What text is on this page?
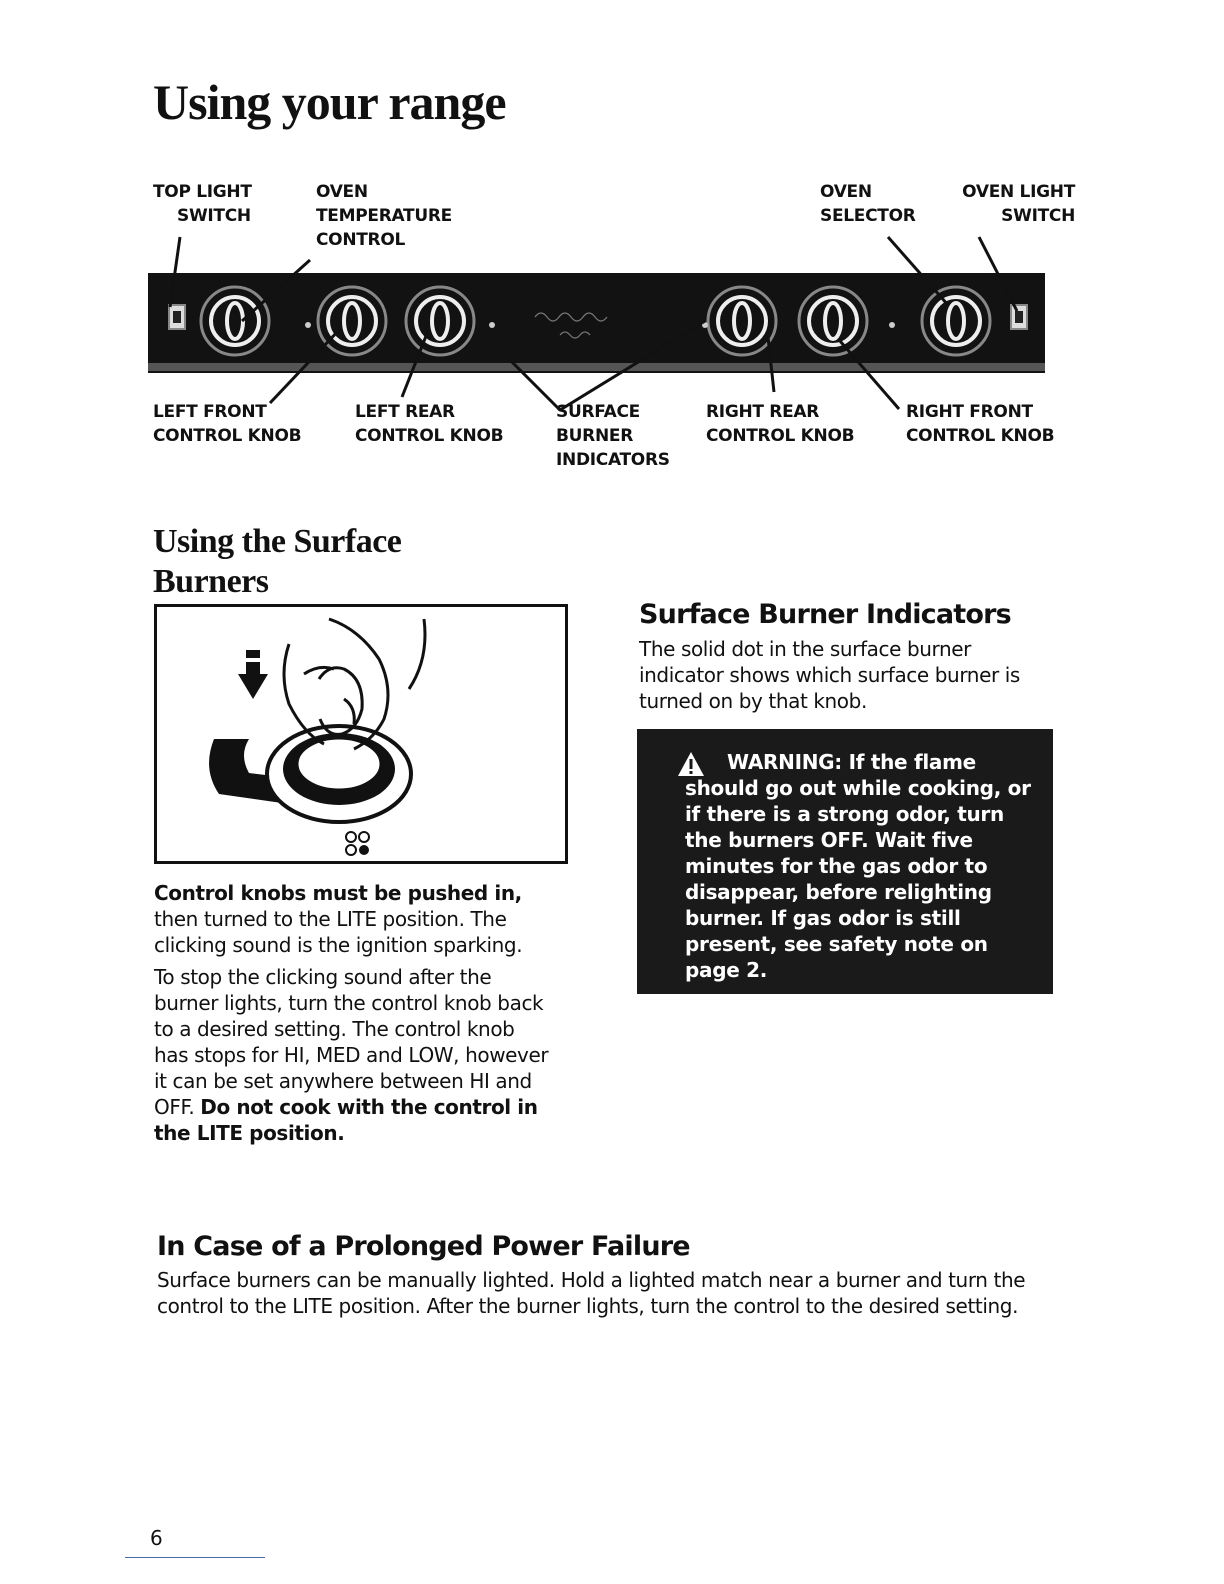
Using your range
TOP LIGHT
SWITCH
OVEN
TEMPERATURE
CONTROL
OVEN
SELECTOR
OVEN LIGHT
SWITCH
LEFT FRONT
CONTROL KNOB
LEFT REAR
CONTROL KNOB
SURFACE
BURNER
INDICATORS
RIGHT REAR
CONTROL KNOB
RIGHT FRONT
CONTROL KNOB
Using the Surface
Burners
Control knobs must be pushed in, then turned to the LITE position. The clicking sound is the ignition sparking.
To stop the clicking sound after the burner lights, turn the control knob back to a desired setting. The control knob has stops for HI, MED and LOW, however it can be set anywhere between HI and OFF. Do not cook with the control in the LITE position.
Surface Burner Indicators
The solid dot in the surface burner indicator shows which surface burner is turned on by that knob.
WARNING: If the flame should go out while cooking, or if there is a strong odor, turn the burners OFF. Wait five minutes for the gas odor to disappear, before relighting burner. If gas odor is still present, see safety note on page 2.
In Case of a Prolonged Power Failure
Surface burners can be manually lighted. Hold a lighted match near a burner and turn the control to the LITE position. After the burner lights, turn the control to the desired setting.
6
